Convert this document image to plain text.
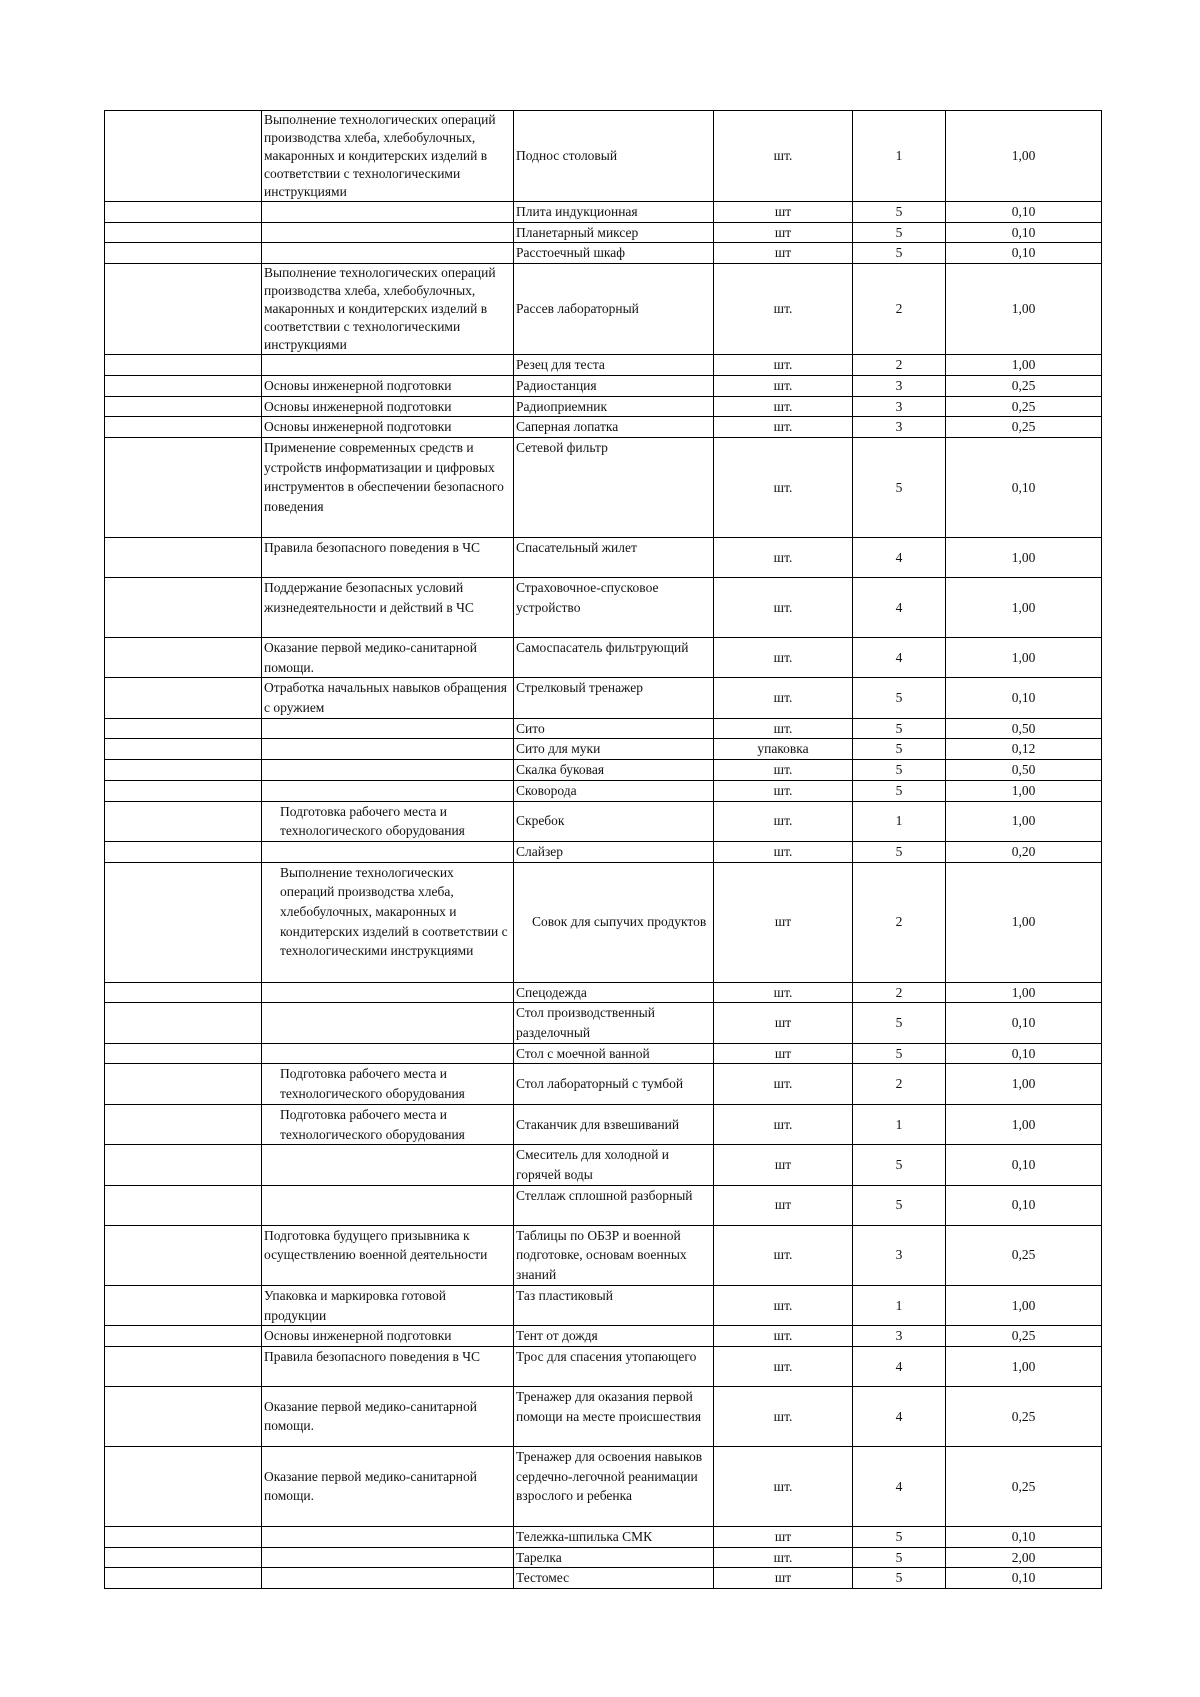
	Выполнение технологических операций производства хлеба, хлебобулочных, макаронных и кондитерских изделий в соответствии с технологическими инструкциями	Поднос столовый	шт.	1	1,00
		Плита индукционная	шт	5	0,10
		Планетарный миксер	шт	5	0,10
		Расстоечный шкаф	шт	5	0,10
	Выполнение технологических операций производства хлеба, хлебобулочных, макаронных и кондитерских изделий в соответствии с технологическими инструкциями	Рассев лабораторный	шт.	2	1,00
		Резец для теста	шт.	2	1,00
	Основы инженерной подготовки	Радиостанция	шт.	3	0,25
	Основы инженерной подготовки	Радиоприемник	шт.	3	0,25
	Основы инженерной подготовки	Саперная лопатка	шт.	3	0,25
	Применение современных средств и устройств информатизации и цифровых инструментов в обеспечении безопасного поведения	Сетевой фильтр	шт.	5	0,10
	Правила безопасного поведения в ЧС	Спасательный жилет	шт.	4	1,00
	Поддержание безопасных условий жизнедеятельности и действий в ЧС	Страховочное-спусковое устройство	шт.	4	1,00
	Оказание первой медико-санитарной помощи.	Самоспасатель фильтрующий	шт.	4	1,00
	Отработка начальных навыков обращения с оружием	Стрелковый тренажер	шт.	5	0,10
		Сито	шт.	5	0,50
		Сито для муки	упаковка	5	0,12
		Скалка буковая	шт.	5	0,50
		Сковорода	шт.	5	1,00
	Подготовка рабочего места и технологического оборудования	Скребок	шт.	1	1,00
		Слайзер	шт.	5	0,20
	Выполнение технологических операций производства хлеба, хлебобулочных, макаронных и кондитерских изделий в соответствии с технологическими инструкциями	Совок для сыпучих продуктов	шт	2	1,00
		Спецодежда	шт.	2	1,00
		Стол производственный разделочный	шт	5	0,10
		Стол с моечной ванной	шт	5	0,10
	Подготовка рабочего места и технологического оборудования	Стол лабораторный с тумбой	шт.	2	1,00
	Подготовка рабочего места и технологического оборудования	Стаканчик для взвешиваний	шт.	1	1,00
		Смеситель для холодной и горячей воды	шт	5	0,10
		Стеллаж сплошной разборный	шт	5	0,10
	Подготовка будущего призывника к осуществлению военной деятельности	Таблицы по ОБЗР и военной подготовке, основам военных знаний	шт.	3	0,25
	Упаковка и маркировка готовой продукции	Таз пластиковый	шт.	1	1,00
	Основы инженерной подготовки	Тент от дождя	шт.	3	0,25
	Правила безопасного поведения в ЧС	Трос для спасения утопающего	шт.	4	1,00
	Оказание первой медико-санитарной помощи.	Тренажер для оказания первой помощи на месте происшествия	шт.	4	0,25
	Оказание первой медико-санитарной помощи.	Тренажер для освоения навыков сердечно-легочной реанимации взрослого и ребенка	шт.	4	0,25
		Тележка-шпилька СМК	шт	5	0,10
		Тарелка	шт.	5	2,00
		Тестомес	шт	5	0,10
